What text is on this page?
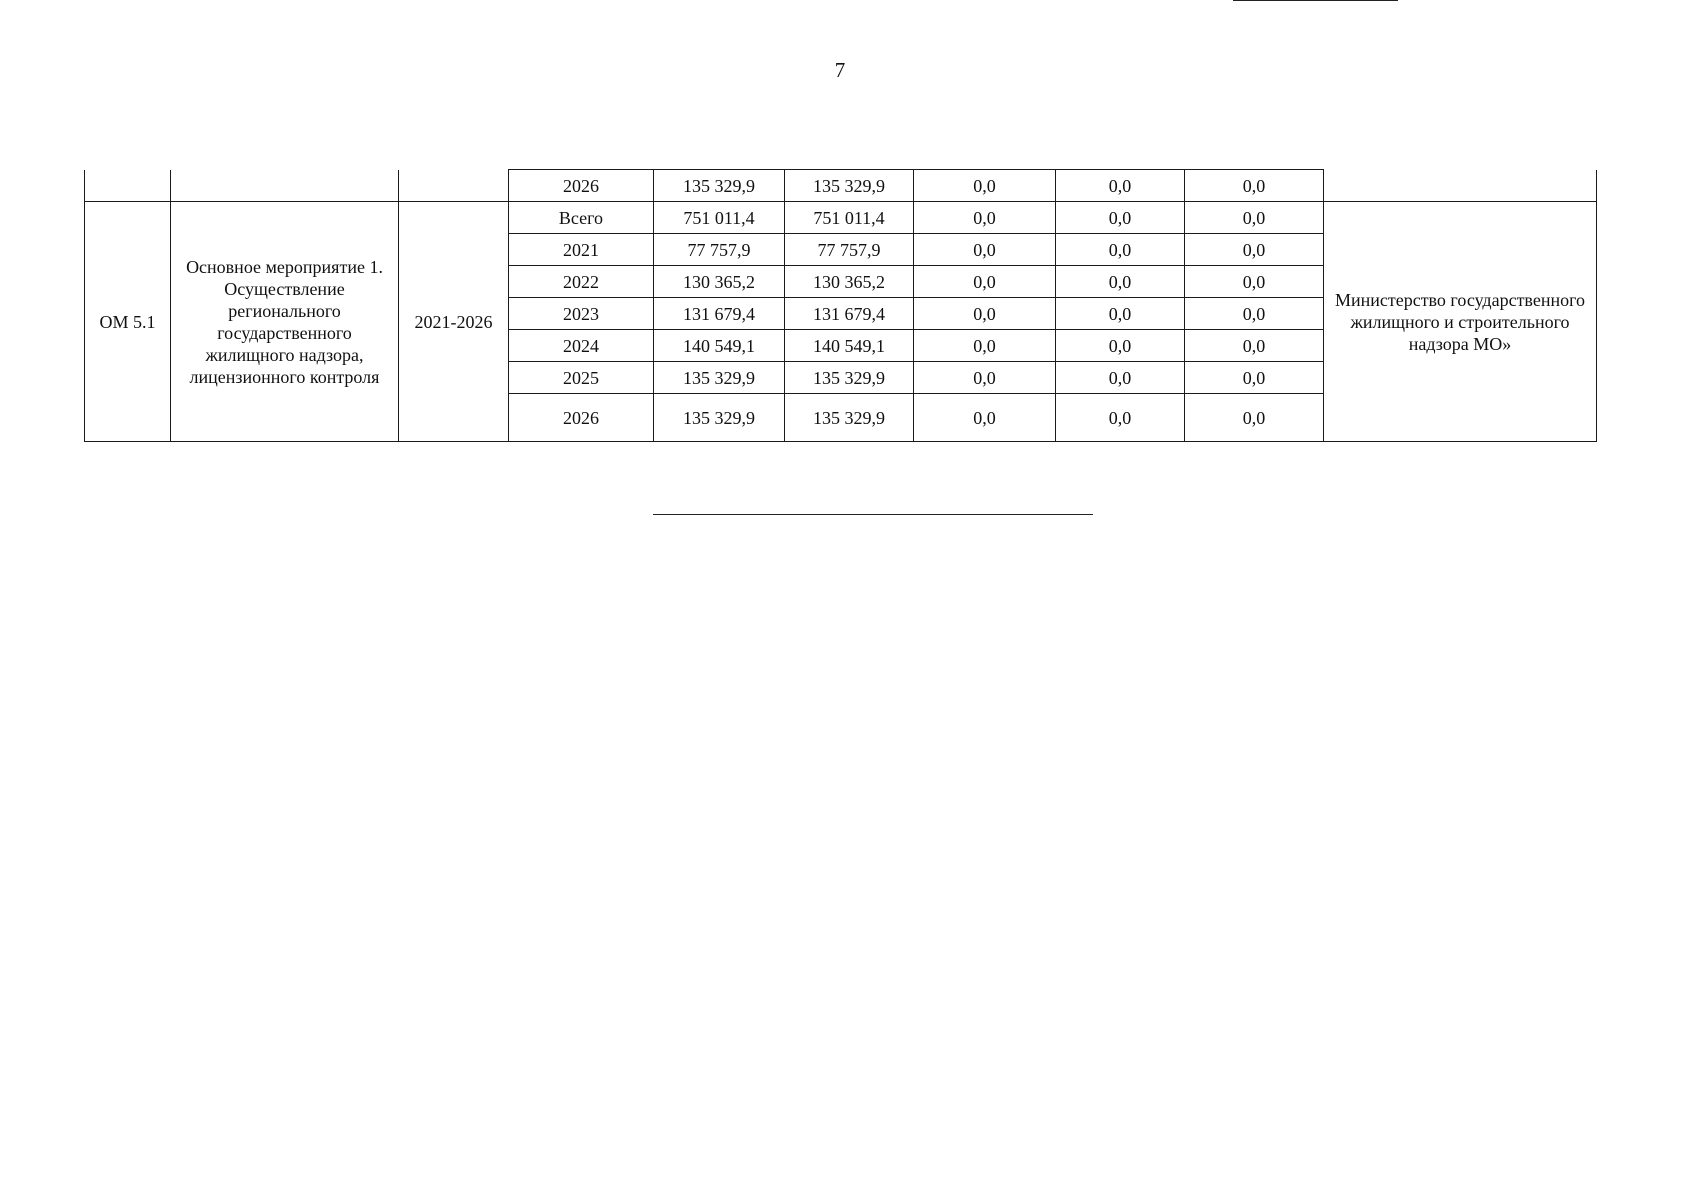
7
			2026	135 329,9	135 329,9	0,0	0,0	0,0	
ОМ 5.1	Основное мероприятие 1. Осуществление регионального государственного жилищного надзора, лицензионного контроля	2021-2026	Всего	751 011,4	751 011,4	0,0	0,0	0,0	Министерство государственного жилищного и строительного надзора МО»
			2021	77 757,9	77 757,9	0,0	0,0	0,0	
			2022	130 365,2	130 365,2	0,0	0,0	0,0	
			2023	131 679,4	131 679,4	0,0	0,0	0,0	
			2024	140 549,1	140 549,1	0,0	0,0	0,0	
			2025	135 329,9	135 329,9	0,0	0,0	0,0	
			2026	135 329,9	135 329,9	0,0	0,0	0,0	
